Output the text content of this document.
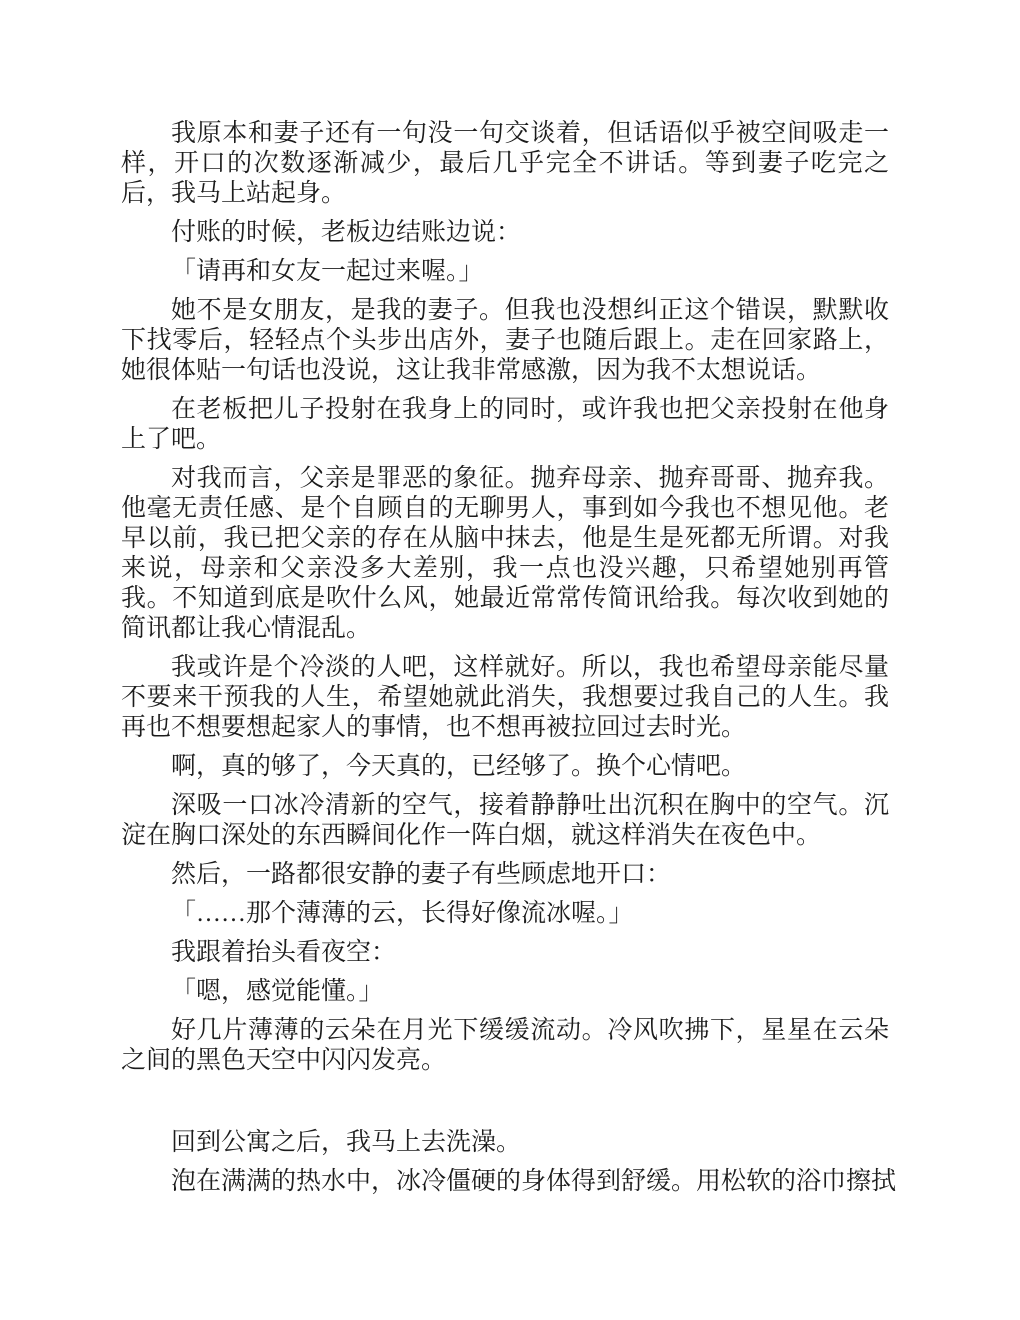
我原本和妻子还有一句没一句交谈着，但话语似乎被空间吸走一样，开口的次数逐渐减少，最后几乎完全不讲话。等到妻子吃完之后，我马上站起身。

付账的时候，老板边结账边说：

「请再和女友一起过来喔。」

她不是女朋友，是我的妻子。但我也没想纠正这个错误，默默收下找零后，轻轻点个头步出店外，妻子也随后跟上。走在回家路上，她很体贴一句话也没说，这让我非常感激，因为我不太想说话。

在老板把儿子投射在我身上的同时，或许我也把父亲投射在他身上了吧。

对我而言，父亲是罪恶的象征。抛弃母亲、抛弃哥哥、抛弃我。他毫无责任感、是个自顾自的无聊男人，事到如今我也不想见他。老早以前，我已把父亲的存在从脑中抹去，他是生是死都无所谓。对我来说，母亲和父亲没多大差别，我一点也没兴趣，只希望她别再管我。不知道到底是吹什么风，她最近常常传简讯给我。每次收到她的简讯都让我心情混乱。

我或许是个冷淡的人吧，这样就好。所以，我也希望母亲能尽量不要来干预我的人生，希望她就此消失，我想要过我自己的人生。我再也不想要想起家人的事情，也不想再被拉回过去时光。

啊，真的够了，今天真的，已经够了。换个心情吧。

深吸一口冰冷清新的空气，接着静静吐出沉积在胸中的空气。沉淀在胸口深处的东西瞬间化作一阵白烟，就这样消失在夜色中。

然后，一路都很安静的妻子有些顾虑地开口：

「……那个薄薄的云，长得好像流冰喔。」

我跟着抬头看夜空：

「嗯，感觉能懂。」

好几片薄薄的云朵在月光下缓缓流动。冷风吹拂下，星星在云朵之间的黑色天空中闪闪发亮。

回到公寓之后，我马上去洗澡。

泡在满满的热水中，冰冷僵硬的身体得到舒缓。用松软的浴巾擦拭
